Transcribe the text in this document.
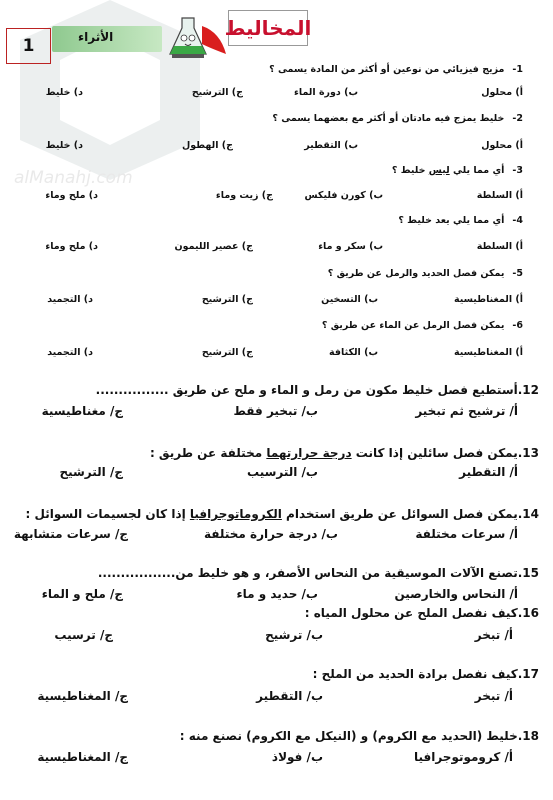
alManahj.com
1	الأثراء	المخاليط
1-مزيج فيزيائي من نوعين أو أكثر من المادة يسمى ؟
أ) محلول
ب) دورة الماء
ج) الترشيح
د) خليط
2-خليط يمزج فيه مادتان أو أكثر مع بعضهما يسمى ؟
أ) محلول
ب) التقطير
ج) الهطول
د) خليط
3-أي مما يلي ليس خليط ؟
أ) السلطة
ب) كورن فليكس
ج) زيت وماء
د) ملح وماء
4-أي مما يلي يعد خليط ؟
أ) السلطة
ب) سكر و ماء
ج) عصير الليمون
د) ملح وماء
5-يمكن فصل الحديد والرمل عن طريق ؟
أ) المغناطيسية
ب) التسخين
ج) الترشيح
د) التجميد
6-يمكن فصل الرمل عن الماء عن طريق ؟
أ) المغناطيسية
ب) الكثافة
ج) الترشيح
د) التجميد
12.أستطيع فصل خليط مكون من رمل و الماء و ملح عن طريق ................
أ/ ترشيح ثم تبخير
ب/ تبخير فقط
ج/ مغناطيسية
13.يمكن فصل سائلين إذا كانت درجة حرارتهما مختلفة عن طريق :
أ/ التقطير
ب/ الترسيب
ج/ الترشيح
14.يمكن فصل السوائل عن طريق استخدام الكروماتوجرافيا إذا كان لجسيمات السوائل :
أ/ سرعات مختلفة
ب/ درجة حرارة مختلفة
ج/ سرعات متشابهة
15.تصنع الآلات الموسيقية من النحاس الأصفر، و هو خليط من.................
أ/ النحاس والخارصين
ب/ حديد و ماء
ج/ ملح و الماء
16.كيف نفصل الملح عن محلول المياه :
أ/ تبخر
ب/ ترشيح
ج/ ترسيب
17.كيف نفصل برادة الحديد من الملح :
أ/ تبخر
ب/ التقطير
ج/ المغناطيسية
18.خليط (الحديد مع الكروم) و (النيكل مع الكروم) نصنع منه :
أ/ كروموتوجرافيا
ب/ فولاذ
ج/ المغناطيسية
